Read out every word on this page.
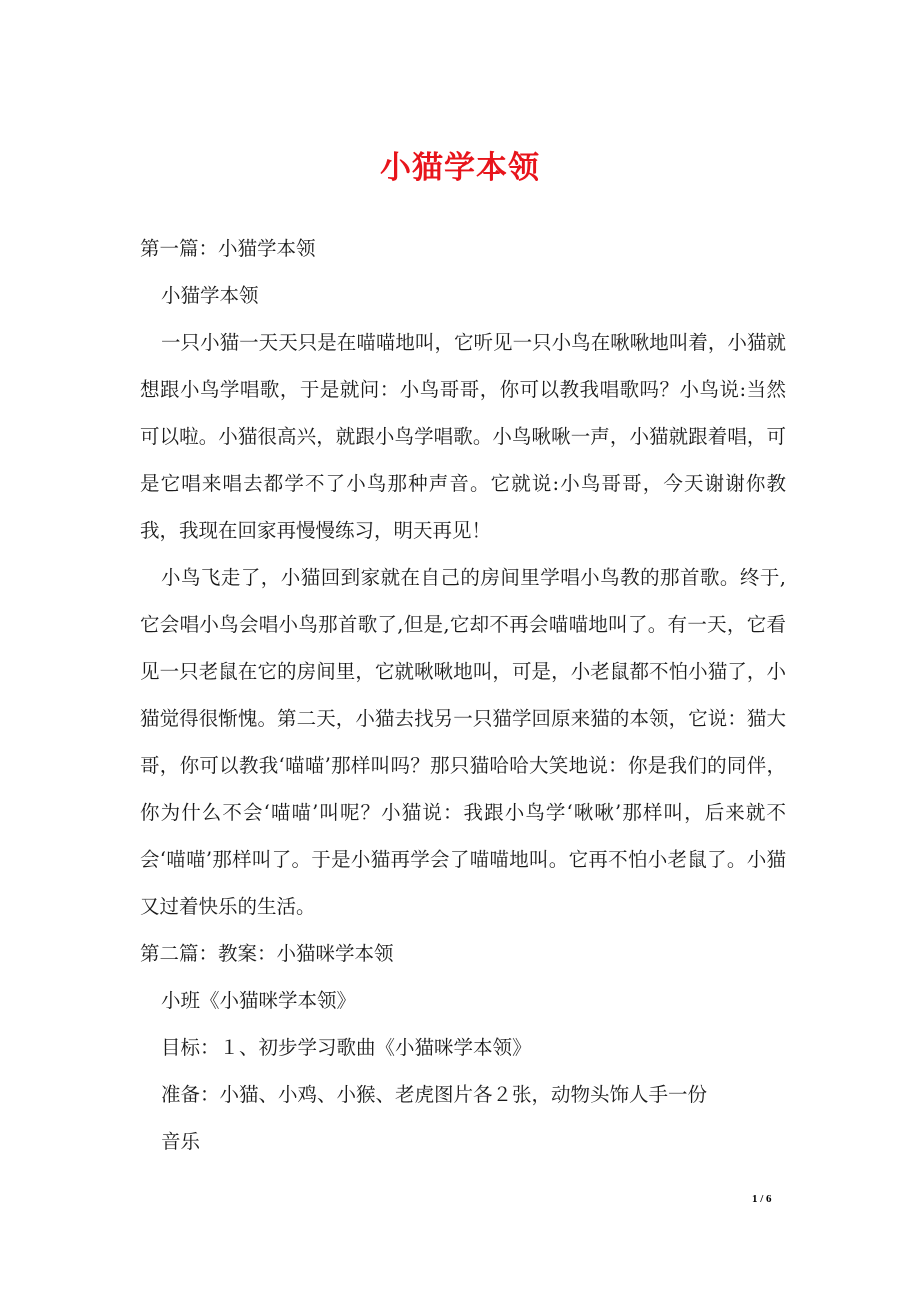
小猫学本领

第一篇：小猫学本领

小猫学本领

一只小猫一天天只是在喵喵地叫，它听见一只小鸟在啾啾地叫着，小猫就想跟小鸟学唱歌，于是就问：小鸟哥哥，你可以教我唱歌吗？小鸟说:当然可以啦。小猫很高兴，就跟小鸟学唱歌。小鸟啾啾一声，小猫就跟着唱，可是它唱来唱去都学不了小鸟那种声音。它就说:小鸟哥哥，今天谢谢你教我，我现在回家再慢慢练习，明天再见！

小鸟飞走了，小猫回到家就在自己的房间里学唱小鸟教的那首歌。终于,它会唱小鸟会唱小鸟那首歌了,但是,它却不再会喵喵地叫了。有一天，它看见一只老鼠在它的房间里，它就啾啾地叫，可是，小老鼠都不怕小猫了，小猫觉得很惭愧。第二天，小猫去找另一只猫学回原来猫的本领，它说：猫大哥，你可以教我‘喵喵’那样叫吗？那只猫哈哈大笑地说：你是我们的同伴，你为什么不会‘喵喵’叫呢？小猫说：我跟小鸟学‘啾啾’那样叫，后来就不会‘喵喵’那样叫了。于是小猫再学会了喵喵地叫。它再不怕小老鼠了。小猫又过着快乐的生活。

第二篇：教案：小猫咪学本领

小班《小猫咪学本领》

目标：１、初步学习歌曲《小猫咪学本领》

准备：小猫、小鸡、小猴、老虎图片各２张，动物头饰人手一份

音乐

1 / 6
